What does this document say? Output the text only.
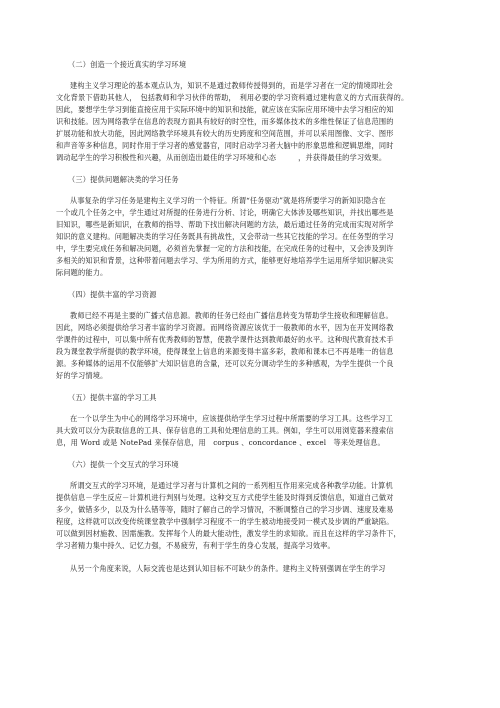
（二）创造一个接近真实的学习环境
建构主义学习理论的基本观点认为，知识不是通过教师传授得到的，而是学习者在一定的情境即社会
文化背景下借助其他人，　包括教师和学习伙伴的帮助，　利用必要的学习资料通过建构意义的方式而获得的。
因此，要想学生学习到能直接应用于实际环境中的知识和技能，就应该在实际应用环境中去学习相应的知
识和技能。因为网络教学在信息的表现方面具有较好的时空性，而多媒体技术的多维性保证了信息范围的
扩展功能和放大功能，因此网络教学环境具有较大的历史跨度和空间范围，并可以采用图像、文字、图形
和声音等多种信息，同时作用于学习者的感觉器官，同时启动学习者大脑中的形象思维和逻辑思维，同时
调动起学生的学习积极性和兴趣，从而创造出最佳的学习环境和心态　　　，并获得最佳的学习效果。
（三）提供问题解决类的学习任务
从事复杂的学习任务是建构主义学习的一个特征。所谓“任务驱动”就是将所要学习的新知识隐含在
一个或几个任务之中，学生通过对所提的任务进行分析、讨论，明确它大体涉及哪些知识，并找出哪些是
旧知识，哪些是新知识，在教师的指导、帮助下找出解决问题的方法，最后通过任务的完成而实现对所学
知识的意义建构。问题解决类的学习任务既具有挑战性，又会带动一些其它技能的学习。在任务型的学习
中，学生要完成任务和解决问题，必须首先掌握一定的方法和技能，在完成任务的过程中，又会涉及到许
多相关的知识和背景，这种带着问题去学习、学为所用的方式，能够更好地培养学生运用所学知识解决实
际问题的能力。
（四）提供丰富的学习资源
教师已经不再是主要的广播式信息源。教师的任务已经由广播信息转变为帮助学生接收和理解信息。
因此，网络必须提供给学习者丰富的学习资源。而网络资源应该优于一般教师的水平，因为在开发网络教
学课件的过程中，可以集中所有优秀教师的智慧，使教学课件达到教师最好的水平。这种现代教育技术手
段为课堂教学所提供的教学环境，使得课堂上信息的来源变得丰富多彩，教师和课本已不再是唯一的信息
源。多种媒体的运用不仅能够扩大知识信息的含量，还可以充分调动学生的多种感观，为学生提供一个良
好的学习情境。
（五）提供丰富的学习工具
在一个以学生为中心的网络学习环境中，应该提供给学生学习过程中所需要的学习工具。这些学习工
具大致可以分为获取信息的工具、保存信息的工具和处理信息的工具。例如，学生可以用浏览器来搜索信
息，用 Word 或是 NotePad 来保存信息，用　corpus 、concordance 、excel　等来处理信息。
（六）提供一个交互式的学习环境
所谓交互式的学习环境，是通过学习者与计算机之间的一系列相互作用来完成各种教学功能。计算机
提供信息－学生反应－计算机进行判别与处理。这种交互方式使学生能及时得到反馈信息，知道自己做对
多少，做错多少，以及为什么错等等，随时了解自己的学习情况，不断调整自己的学习步调、速度及难易
程度，这样就可以改变传统课堂教学中强制学习程度不一的学生被动地接受同一模式及步调的严重缺陷。
可以做到因材施教、因需施教。发挥每个人的最大能动性，激发学生的求知欲。而且在这样的学习条件下，
学习者精力集中持久、记忆力强，不易疲劳，有利于学生的身心发展，提高学习效率。
从另一个角度来说，人际交流也是达到认知目标不可缺少的条件。建构主义特别强调在学生的学习
